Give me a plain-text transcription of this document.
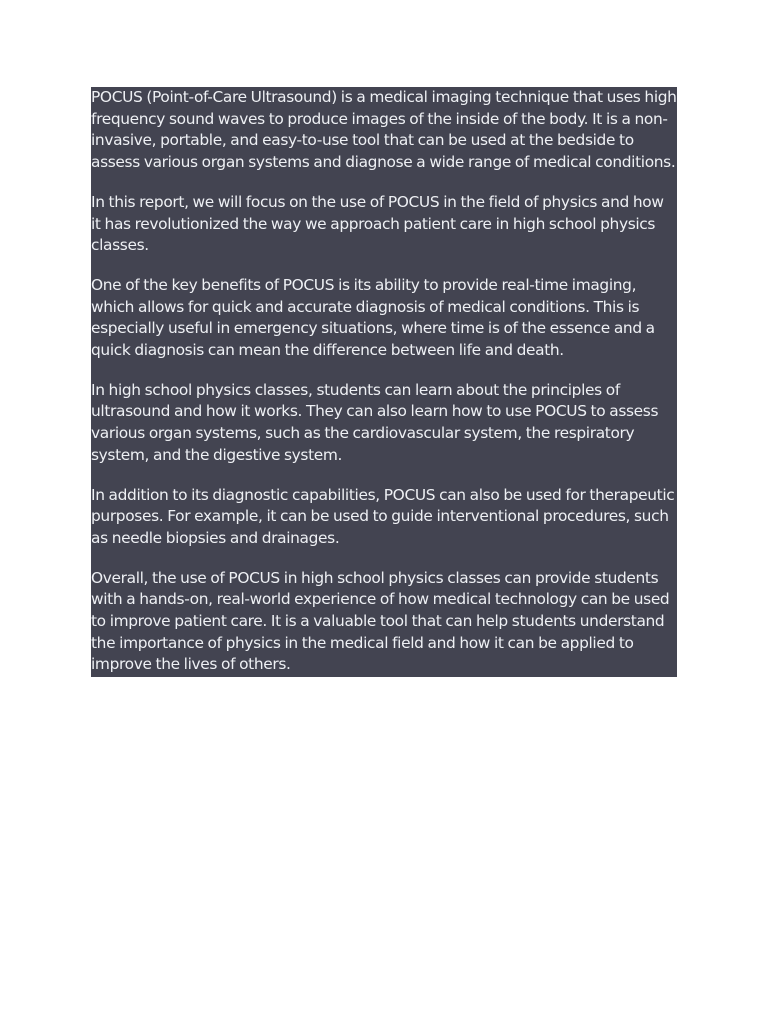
POCUS (Point-of-Care Ultrasound) is a medical imaging technique that uses high frequency sound waves to produce images of the inside of the body. It is a non-invasive, portable, and easy-to-use tool that can be used at the bedside to assess various organ systems and diagnose a wide range of medical conditions.

In this report, we will focus on the use of POCUS in the field of physics and how it has revolutionized the way we approach patient care in high school physics classes.

One of the key benefits of POCUS is its ability to provide real-time imaging, which allows for quick and accurate diagnosis of medical conditions. This is especially useful in emergency situations, where time is of the essence and a quick diagnosis can mean the difference between life and death.

In high school physics classes, students can learn about the principles of ultrasound and how it works. They can also learn how to use POCUS to assess various organ systems, such as the cardiovascular system, the respiratory system, and the digestive system.

In addition to its diagnostic capabilities, POCUS can also be used for therapeutic purposes. For example, it can be used to guide interventional procedures, such as needle biopsies and drainages.

Overall, the use of POCUS in high school physics classes can provide students with a hands-on, real-world experience of how medical technology can be used to improve patient care. It is a valuable tool that can help students understand the importance of physics in the medical field and how it can be applied to improve the lives of others.
